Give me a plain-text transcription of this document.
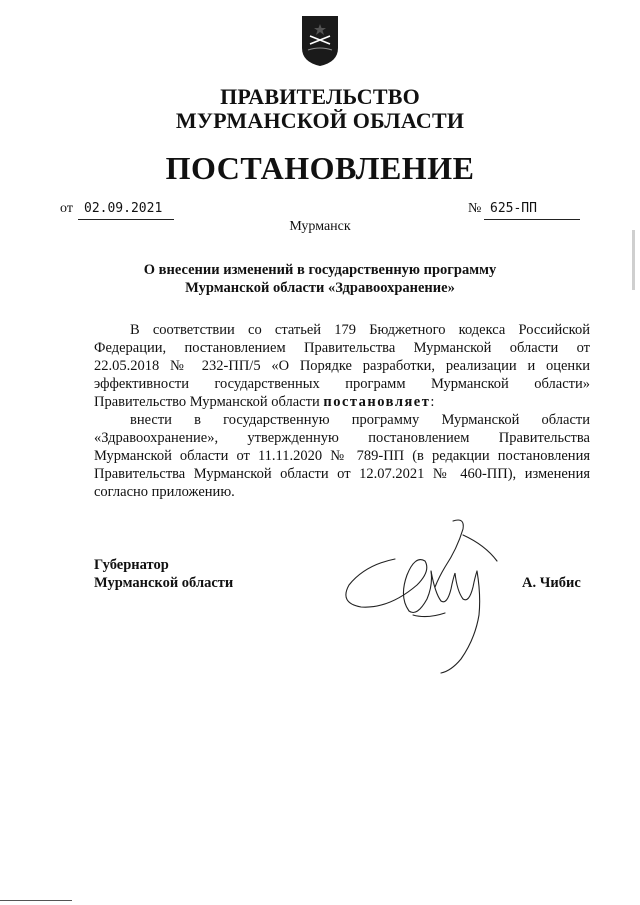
ПРАВИТЕЛЬСТВО
МУРМАНСКОЙ ОБЛАСТИ
ПОСТАНОВЛЕНИЕ
от 02.09.2021	№ 625-ПП
Мурманск
О внесении изменений в государственную программу
Мурманской области «Здравоохранение»
В соответствии со статьей 179 Бюджетного кодекса Российской
Федерации, постановлением Правительства Мурманской области от
22.05.2018 № 232-ПП/5 «О Порядке разработки, реализации и оценки
эффективности государственных программ Мурманской области»
Правительство Мурманской области постановляет:
внести в государственную программу Мурманской области
«Здравоохранение», утвержденную постановлением Правительства
Мурманской области от 11.11.2020 № 789-ПП (в редакции постановления
Правительства Мурманской области от 12.07.2021 № 460-ПП), изменения
согласно приложению.
Губернатор
Мурманской области	А. Чибис
